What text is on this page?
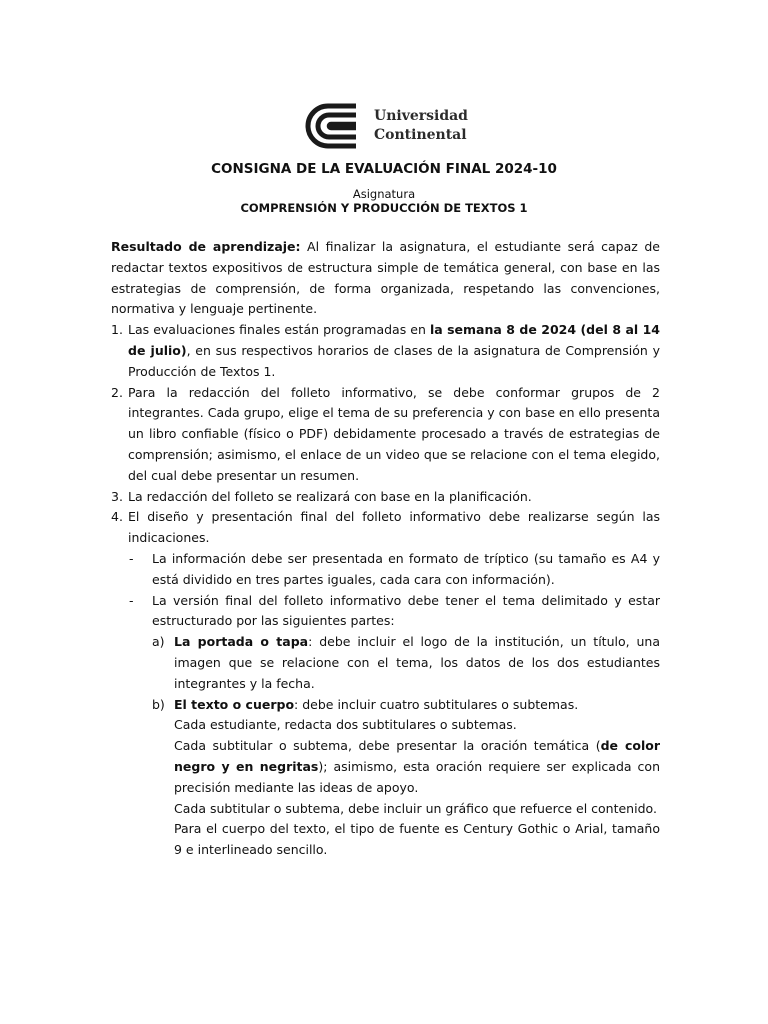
Universidad
Continental
CONSIGNA DE LA EVALUACIÓN FINAL 2024-10
Asignatura
COMPRENSIÓN Y PRODUCCIÓN DE TEXTOS 1

Resultado de aprendizaje: Al finalizar la asignatura, el estudiante será capaz de redactar textos expositivos de estructura simple de temática general, con base en las estrategias de comprensión, de forma organizada, respetando las convenciones, normativa y lenguaje pertinente.

1. Las evaluaciones finales están programadas en la semana 8 de 2024 (del 8 al 14 de julio), en sus respectivos horarios de clases de la asignatura de Comprensión y Producción de Textos 1.
2. Para la redacción del folleto informativo, se debe conformar grupos de 2 integrantes. Cada grupo, elige el tema de su preferencia y con base en ello presenta un libro confiable (físico o PDF) debidamente procesado a través de estrategias de comprensión; asimismo, el enlace de un video que se relacione con el tema elegido, del cual debe presentar un resumen.
3. La redacción del folleto se realizará con base en la planificación.
4. El diseño y presentación final del folleto informativo debe realizarse según las indicaciones.
- La información debe ser presentada en formato de tríptico (su tamaño es A4 y está dividido en tres partes iguales, cada cara con información).
- La versión final del folleto informativo debe tener el tema delimitado y estar estructurado por las siguientes partes:
a) La portada o tapa: debe incluir el logo de la institución, un título, una imagen que se relacione con el tema, los datos de los dos estudiantes integrantes y la fecha.
b) El texto o cuerpo: debe incluir cuatro subtitulares o subtemas.

Cada estudiante, redacta dos subtitulares o subtemas.

Cada subtitular o subtema, debe presentar la oración temática (de color negro y en negritas); asimismo, esta oración requiere ser explicada con precisión mediante las ideas de apoyo.

Cada subtitular o subtema, debe incluir un gráfico que refuerce el contenido.

Para el cuerpo del texto, el tipo de fuente es Century Gothic o Arial, tamaño 9 e interlineado sencillo.
